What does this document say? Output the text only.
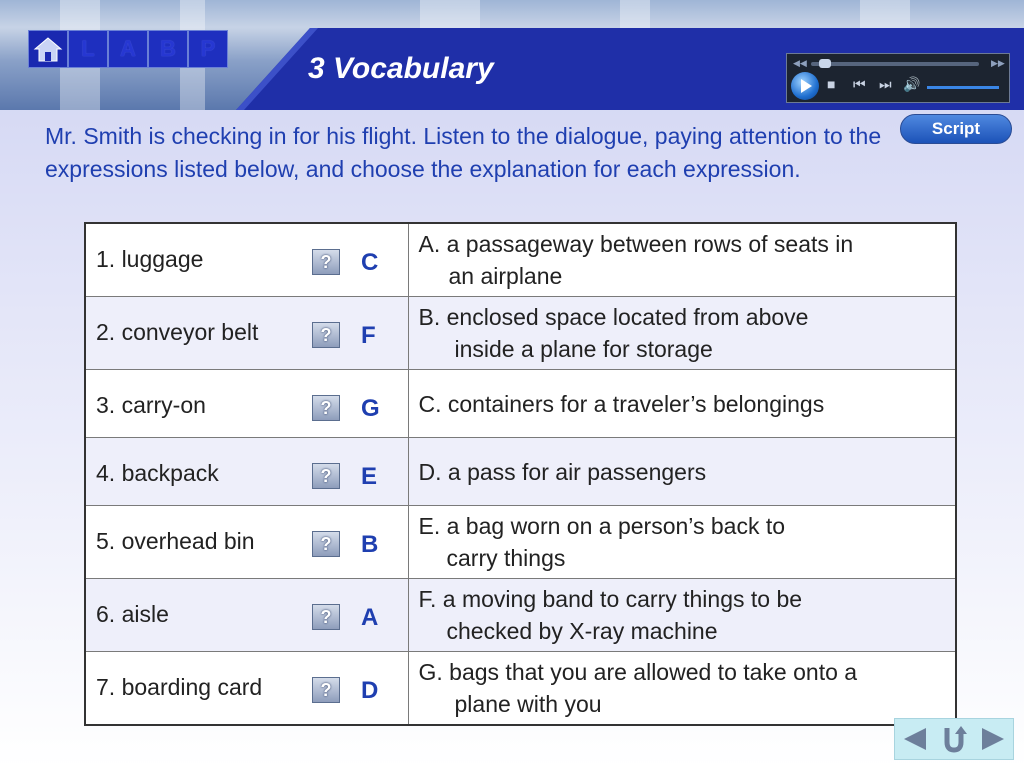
L	A	B	P
3 Vocabulary	◀◀	▶▶
■ ⏮ ⏭ 🔊
Script
Mr. Smith is checking in for his flight. Listen to the dialogue, paying attention to the expressions listed below, and choose the explanation for each expression.
1. luggage ? C	A. a passageway between rows of seats in
an airplane

2. conveyor belt ? F	B. enclosed space located from above
inside a plane for storage

3. carry-on ? G	C. containers for a traveler’s belongings

4. backpack ? E	D. a pass for air passengers

5. overhead bin ? B	E. a bag worn on a person’s back to
carry things

6. aisle ? A	F. a moving band to carry things to be
checked by X-ray machine

7. boarding card ? D	G. bags that you are allowed to take onto a
plane with you
